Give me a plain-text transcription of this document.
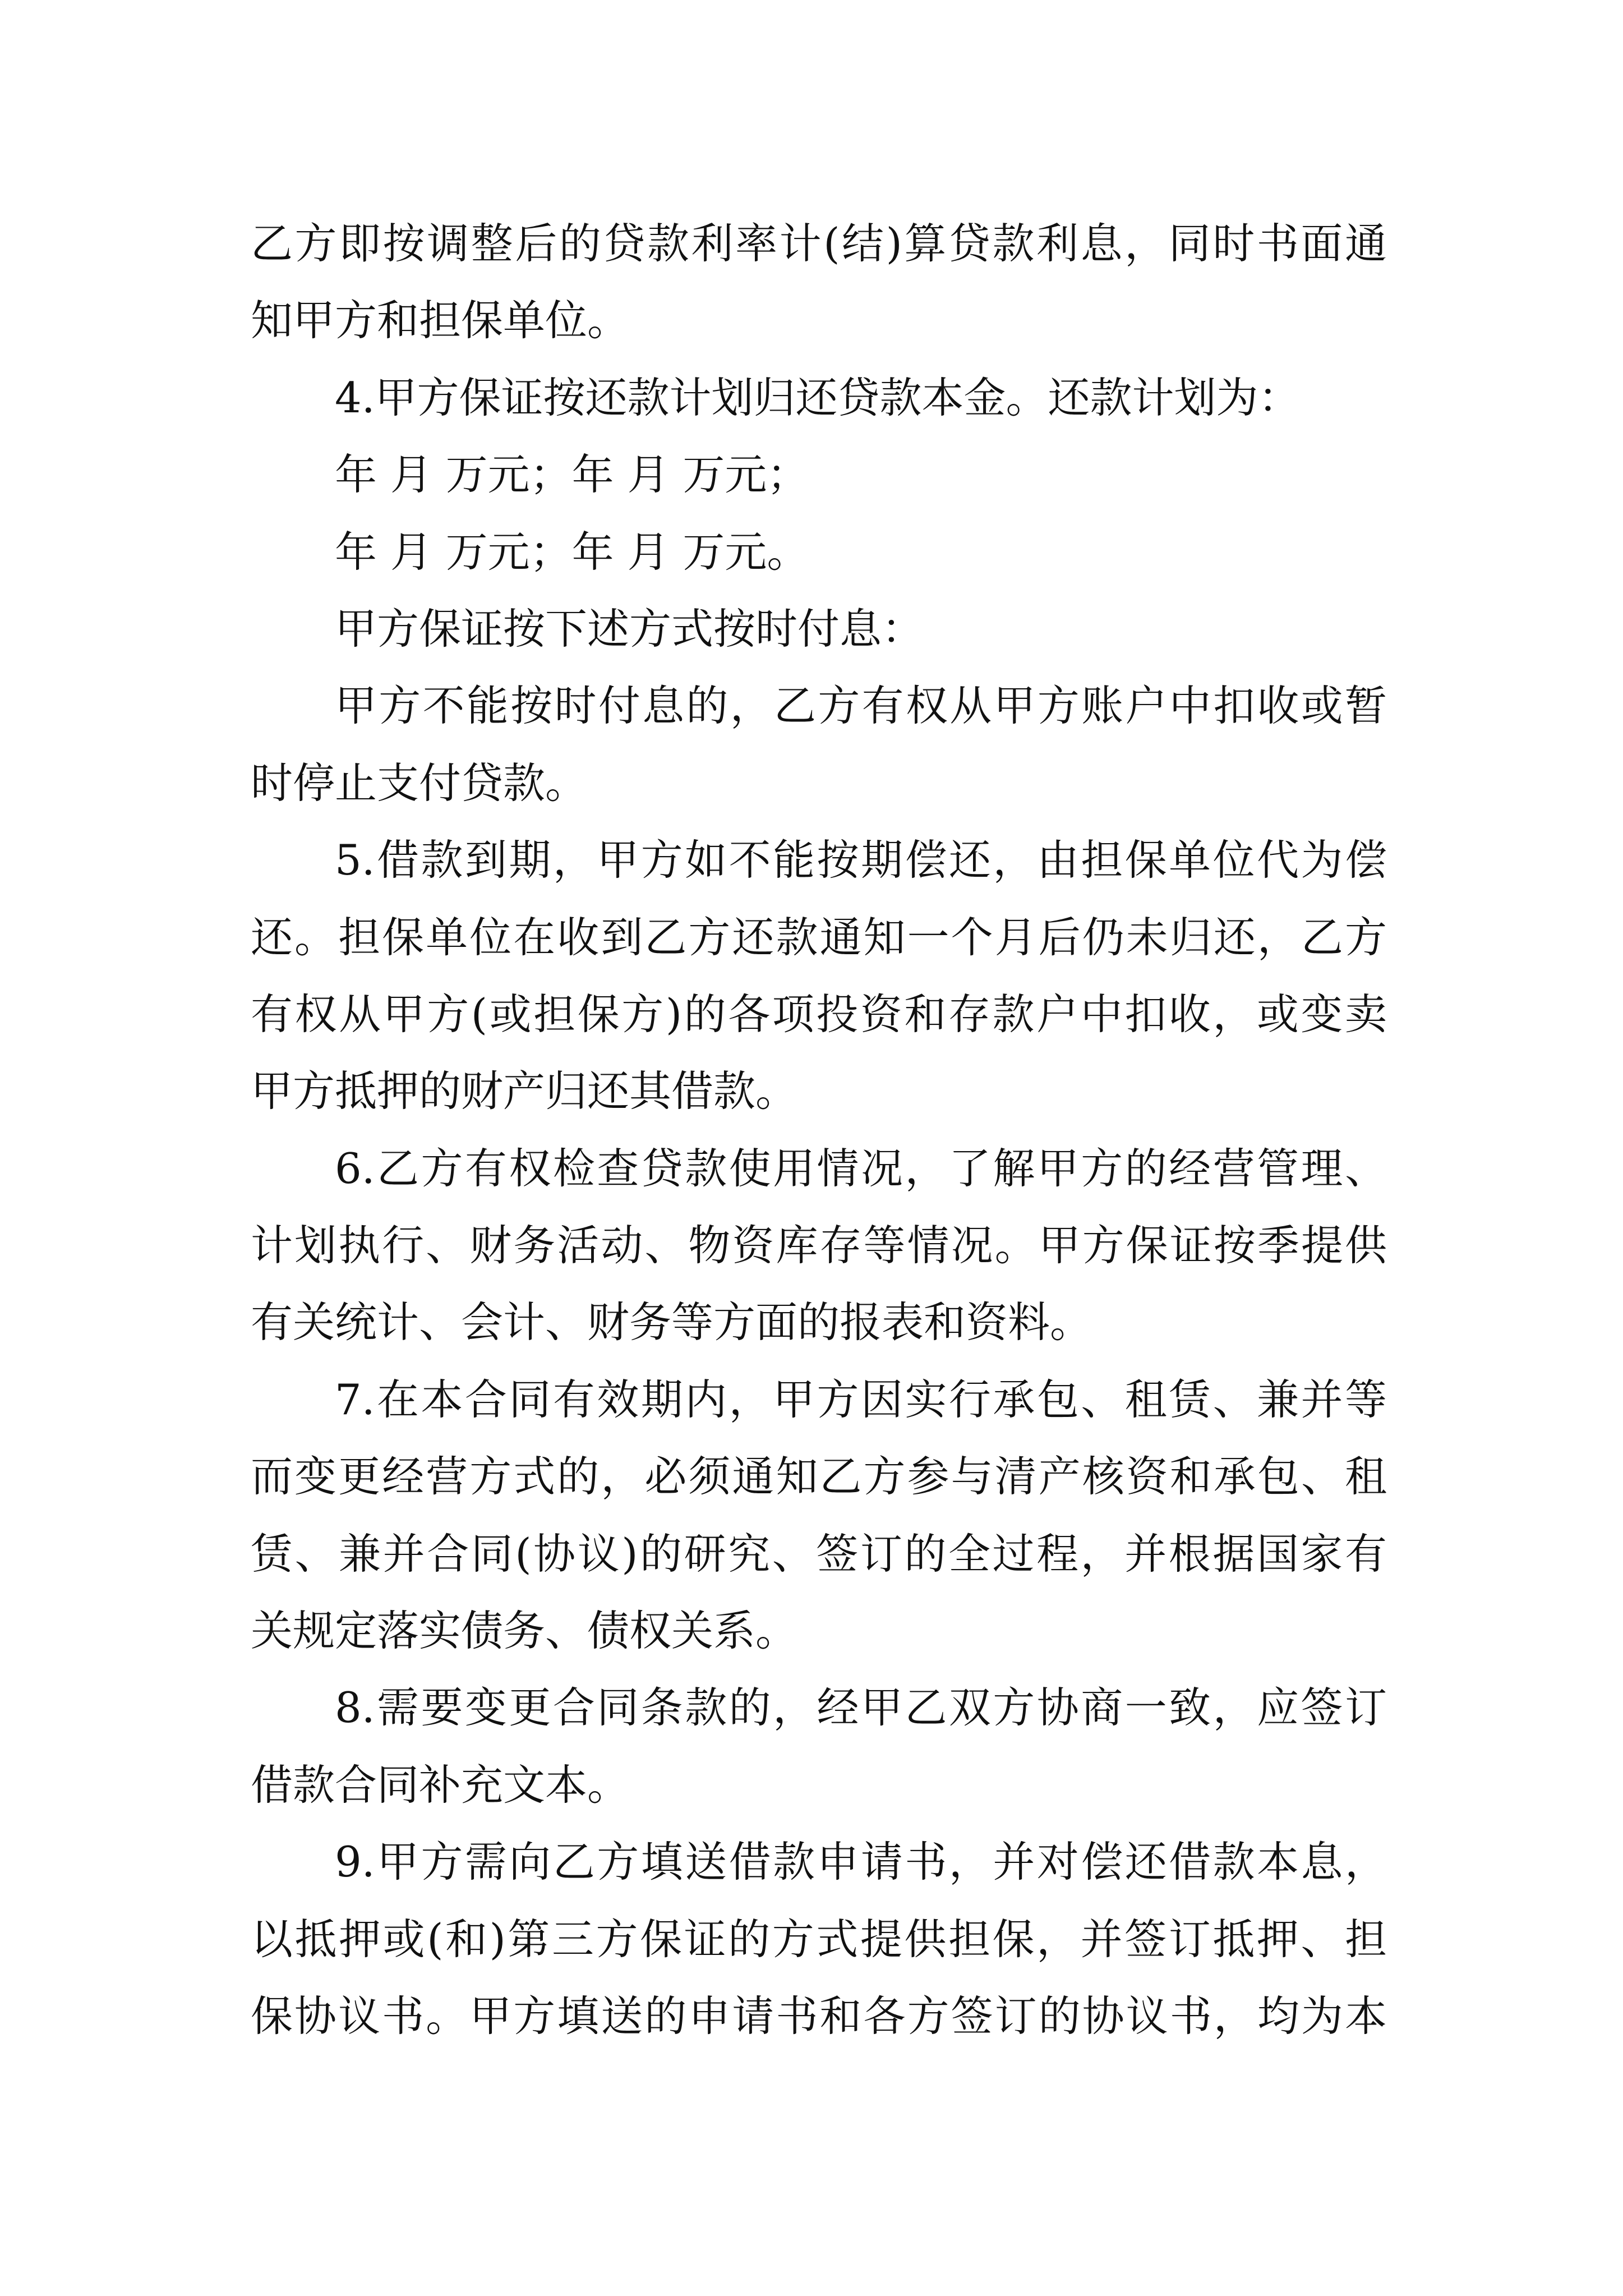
乙方即按调整后的贷款利率计(结)算贷款利息，同时书面通
知甲方和担保单位。
4.甲方保证按还款计划归还贷款本金。还款计划为：
年 月 万元；年 月 万元；
年 月 万元；年 月 万元。
甲方保证按下述方式按时付息：
甲方不能按时付息的，乙方有权从甲方账户中扣收或暂
时停止支付贷款。
5.借款到期，甲方如不能按期偿还，由担保单位代为偿
还。担保单位在收到乙方还款通知一个月后仍未归还，乙方
有权从甲方(或担保方)的各项投资和存款户中扣收，或变卖
甲方抵押的财产归还其借款。
6.乙方有权检查贷款使用情况，了解甲方的经营管理、
计划执行、财务活动、物资库存等情况。甲方保证按季提供
有关统计、会计、财务等方面的报表和资料。
7.在本合同有效期内，甲方因实行承包、租赁、兼并等
而变更经营方式的，必须通知乙方参与清产核资和承包、租
赁、兼并合同(协议)的研究、签订的全过程，并根据国家有
关规定落实债务、债权关系。
8.需要变更合同条款的，经甲乙双方协商一致，应签订
借款合同补充文本。
9.甲方需向乙方填送借款申请书，并对偿还借款本息，
以抵押或(和)第三方保证的方式提供担保，并签订抵押、担
保协议书。甲方填送的申请书和各方签订的协议书，均为本
